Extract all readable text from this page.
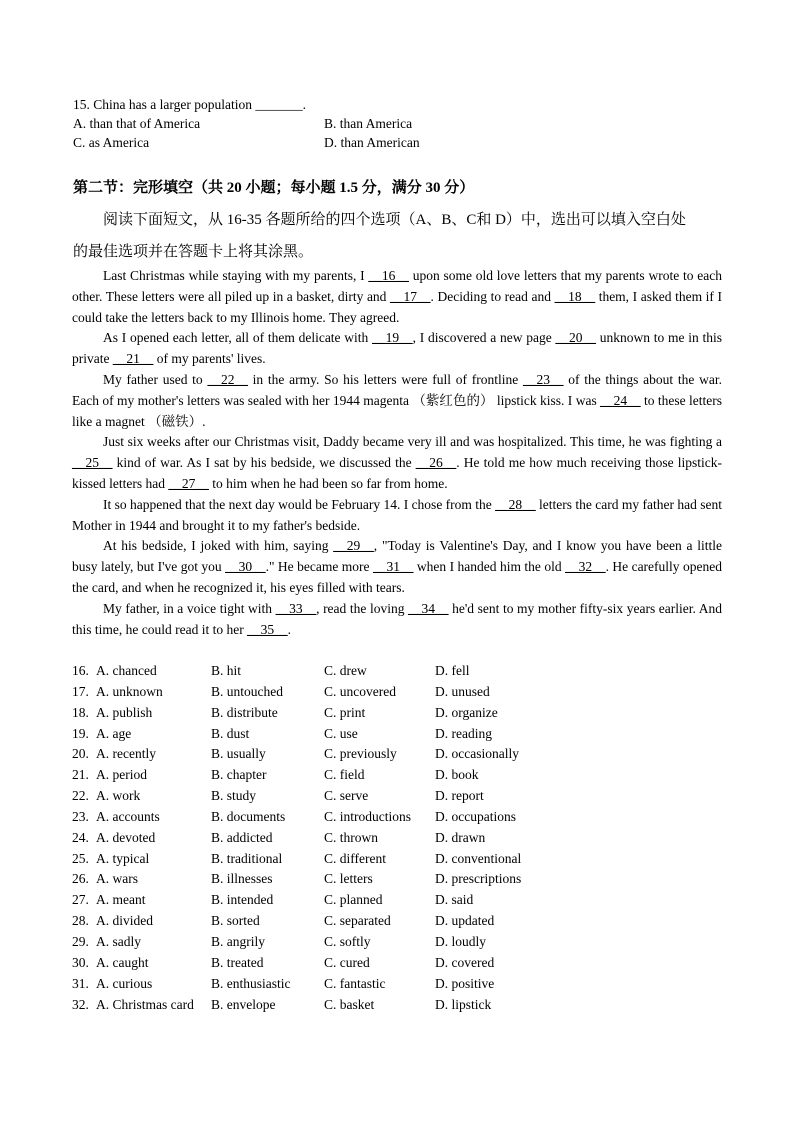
15. China has a larger population _______.
A. than that of America	B. than America
C. as America	D. than American
第二节：完形填空（共 20 小题；每小题 1.5 分，满分 30 分）
阅读下面短文，从 16-35 各题所给的四个选项（A、B、C和 D）中，选出可以填入空白处
的最佳选项并在答题卡上将其涂黑。

Last Christmas while staying with my parents, I __16__ upon some old love letters that my parents wrote to each other. These letters were all piled up in a basket, dirty and __17__. Deciding to read and __18__ them, I asked them if I could take the letters back to my Illinois home. They agreed.

As I opened each letter, all of them delicate with __19__, I discovered a new page __20__ unknown to me in this private __21__ of my parents' lives.

My father used to __22__ in the army. So his letters were full of frontline __23__ of the things about the war. Each of my mother's letters was sealed with her 1944 magenta （紫红色的） lipstick kiss. I was __24__ to these letters like a magnet （磁铁）.

Just six weeks after our Christmas visit, Daddy became very ill and was hospitalized. This time, he was fighting a __25__ kind of war. As I sat by his bedside, we discussed the __26__. He told me how much receiving those lipstick-kissed letters had __27__ to him when he had been so far from home.

It so happened that the next day would be February 14. I chose from the __28__ letters the card my father had sent Mother in 1944 and brought it to my father's bedside.

At his bedside, I joked with him, saying __29__, "Today is Valentine's Day, and I know you have been a little busy lately, but I've got you __30__." He became more __31__ when I handed him the old __32__. He carefully opened the card, and when he recognized it, his eyes filled with tears.

My father, in a voice tight with __33__, read the loving __34__ he'd sent to my mother fifty-six years earlier. And this time, he could read it to her __35__.

16. A. chanced	B. hit	C. drew	D. fell
17. A. unknown	B. untouched	C. uncovered	D. unused
18. A. publish	B. distribute	C. print	D. organize
19. A. age	B. dust	C. use	D. reading
20. A. recently	B. usually	C. previously	D. occasionally
21. A. period	B. chapter	C. field	D. book
22. A. work	B. study	C. serve	D. report
23. A. accounts	B. documents	C. introductions	D. occupations
24. A. devoted	B. addicted	C. thrown	D. drawn
25. A. typical	B. traditional	C. different	D. conventional
26. A. wars	B. illnesses	C. letters	D. prescriptions
27. A. meant	B. intended	C. planned	D. said
28. A. divided	B. sorted	C. separated	D. updated
29. A. sadly	B. angrily	C. softly	D. loudly
30. A. caught	B. treated	C. cured	D. covered
31. A. curious	B. enthusiastic	C. fantastic	D. positive
32. A. Christmas card	B. envelope	C. basket	D. lipstick
